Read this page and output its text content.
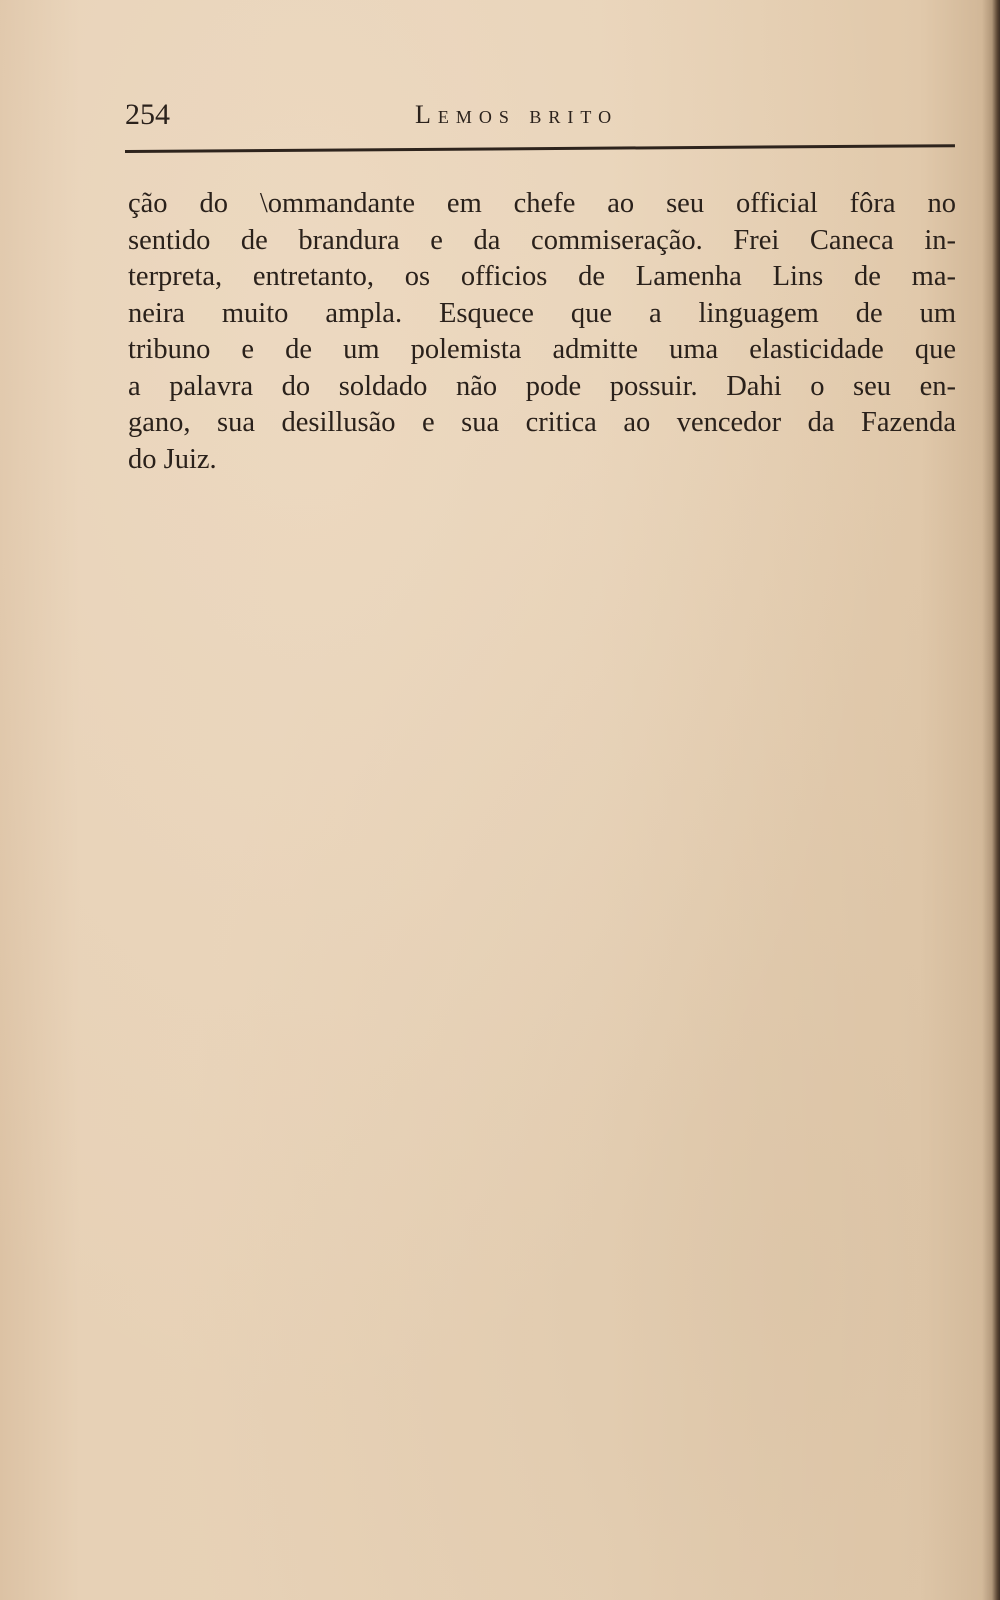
254	lemos brito
ção do \ommandante em chefe ao seu official fôra no
sentido de brandura e da commiseração. Frei Caneca in-
terpreta, entretanto, os officios de Lamenha Lins de ma-
neira muito ampla. Esquece que a linguagem de um
tribuno e de um polemista admitte uma elasticidade que
a palavra do soldado não pode possuir. Dahi o seu en-
gano, sua desillusão e sua critica ao vencedor da Fazenda
do Juiz.
